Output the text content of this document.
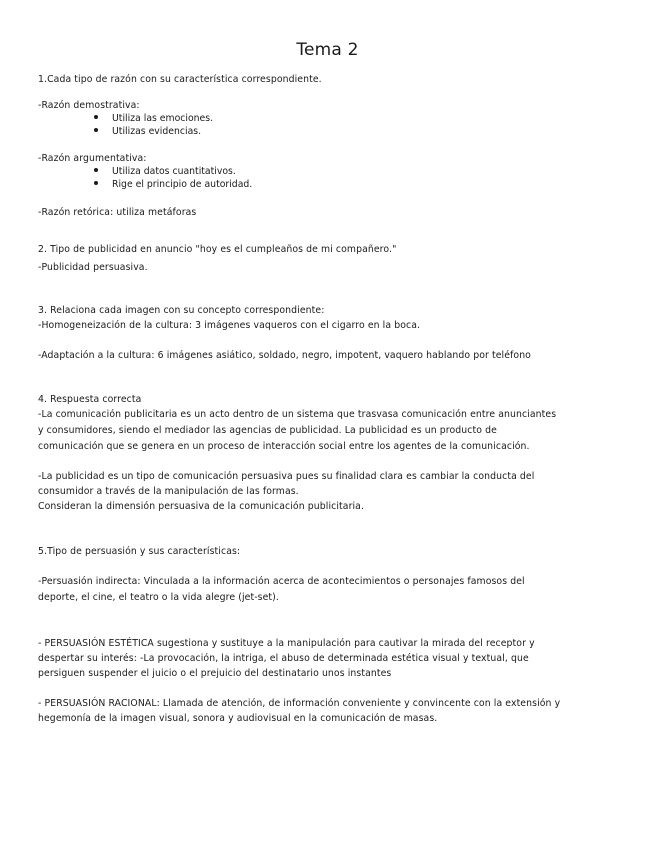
Tema 2
1.Cada tipo de razón con su característica correspondiente.
-Razón demostrativa:
Utiliza las emociones.
Utilizas evidencias.
-Razón argumentativa:
Utiliza datos cuantitativos.
Rige el principio de autoridad.
-Razón retórica: utiliza metáforas
2. Tipo de publicidad en anuncio "hoy es el cumpleaños de mi compañero."
-Publicidad persuasiva.
3. Relaciona cada imagen con su concepto correspondiente:
-Homogeneización de la cultura: 3 imágenes vaqueros con el cigarro en la boca.
-Adaptación a la cultura: 6 imágenes asiático, soldado, negro, impotent, vaquero hablando por teléfono
4. Respuesta correcta
-La comunicación publicitaria es un acto dentro de un sistema que trasvasa comunicación entre anunciantes
y consumidores, siendo el mediador las agencias de publicidad. La publicidad es un producto de
comunicación que se genera en un proceso de interacción social entre los agentes de la comunicación.
-La publicidad es un tipo de comunicación persuasiva pues su finalidad clara es cambiar la conducta del
consumidor a través de la manipulación de las formas.
Consideran la dimensión persuasiva de la comunicación publicitaria.
5.Tipo de persuasión y sus características:
-Persuasión indirecta: Vinculada a la información acerca de acontecimientos o personajes famosos del
deporte, el cine, el teatro o la vida alegre (jet-set).
- PERSUASIÓN ESTÉTICA sugestiona y sustituye a la manipulación para cautivar la mirada del receptor y
despertar su interés: -La provocación, la intriga, el abuso de determinada estética visual y textual, que
persiguen suspender el juicio o el prejuicio del destinatario unos instantes
- PERSUASIÓN RACIONAL: Llamada de atención, de información conveniente y convincente con la extensión y
hegemonía de la imagen visual, sonora y audiovisual en la comunicación de masas.
